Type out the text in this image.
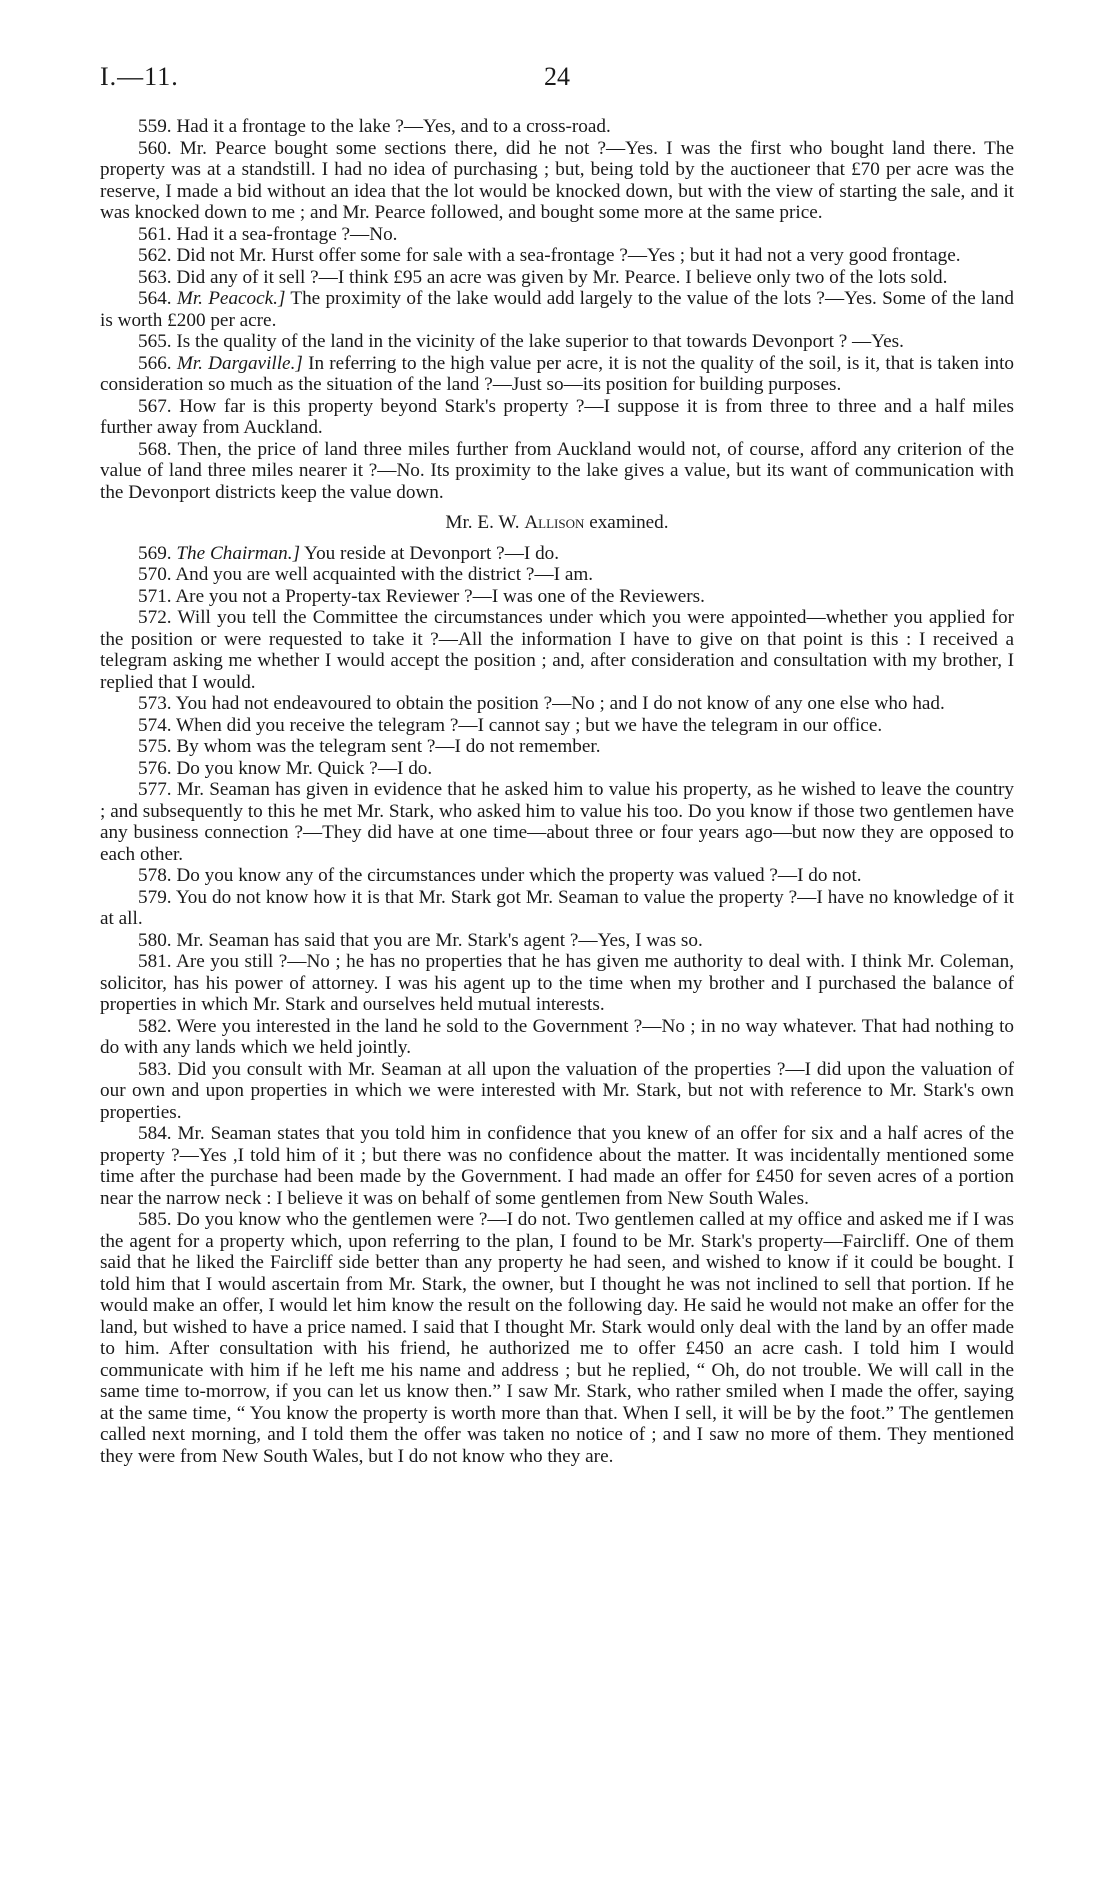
I.—11.	24

559. Had it a frontage to the lake ?—Yes, and to a cross-road.

560. Mr. Pearce bought some sections there, did he not ?—Yes. I was the first who bought land there. The property was at a standstill. I had no idea of purchasing ; but, being told by the auctioneer that £70 per acre was the reserve, I made a bid without an idea that the lot would be knocked down, but with the view of starting the sale, and it was knocked down to me ; and Mr. Pearce followed, and bought some more at the same price.

561. Had it a sea-frontage ?—No.

562. Did not Mr. Hurst offer some for sale with a sea-frontage ?—Yes ; but it had not a very good frontage.

563. Did any of it sell ?—I think £95 an acre was given by Mr. Pearce. I believe only two of the lots sold.

564. Mr. Peacock.] The proximity of the lake would add largely to the value of the lots ?—Yes. Some of the land is worth £200 per acre.

565. Is the quality of the land in the vicinity of the lake superior to that towards Devonport ? —Yes.

566. Mr. Dargaville.] In referring to the high value per acre, it is not the quality of the soil, is it, that is taken into consideration so much as the situation of the land ?—Just so—its position for building purposes.

567. How far is this property beyond Stark's property ?—I suppose it is from three to three and a half miles further away from Auckland.

568. Then, the price of land three miles further from Auckland would not, of course, afford any criterion of the value of land three miles nearer it ?—No. Its proximity to the lake gives a value, but its want of communication with the Devonport districts keep the value down.

Mr. E. W. Allison examined.

569. The Chairman.] You reside at Devonport ?—I do.

570. And you are well acquainted with the district ?—I am.

571. Are you not a Property-tax Reviewer ?—I was one of the Reviewers.

572. Will you tell the Committee the circumstances under which you were appointed—whether you applied for the position or were requested to take it ?—All the information I have to give on that point is this : I received a telegram asking me whether I would accept the position ; and, after consideration and consultation with my brother, I replied that I would.

573. You had not endeavoured to obtain the position ?—No ; and I do not know of any one else who had.

574. When did you receive the telegram ?—I cannot say ; but we have the telegram in our office.

575. By whom was the telegram sent ?—I do not remember.

576. Do you know Mr. Quick ?—I do.

577. Mr. Seaman has given in evidence that he asked him to value his property, as he wished to leave the country ; and subsequently to this he met Mr. Stark, who asked him to value his too. Do you know if those two gentlemen have any business connection ?—They did have at one time—about three or four years ago—but now they are opposed to each other.

578. Do you know any of the circumstances under which the property was valued ?—I do not.

579. You do not know how it is that Mr. Stark got Mr. Seaman to value the property ?—I have no knowledge of it at all.

580. Mr. Seaman has said that you are Mr. Stark's agent ?—Yes, I was so.

581. Are you still ?—No ; he has no properties that he has given me authority to deal with. I think Mr. Coleman, solicitor, has his power of attorney. I was his agent up to the time when my brother and I purchased the balance of properties in which Mr. Stark and ourselves held mutual interests.

582. Were you interested in the land he sold to the Government ?—No ; in no way whatever. That had nothing to do with any lands which we held jointly.

583. Did you consult with Mr. Seaman at all upon the valuation of the properties ?—I did upon the valuation of our own and upon properties in which we were interested with Mr. Stark, but not with reference to Mr. Stark's own properties.

584. Mr. Seaman states that you told him in confidence that you knew of an offer for six and a half acres of the property ?—Yes ,I told him of it ; but there was no confidence about the matter. It was incidentally mentioned some time after the purchase had been made by the Government. I had made an offer for £450 for seven acres of a portion near the narrow neck : I believe it was on behalf of some gentlemen from New South Wales.

585. Do you know who the gentlemen were ?—I do not. Two gentlemen called at my office and asked me if I was the agent for a property which, upon referring to the plan, I found to be Mr. Stark's property—Faircliff. One of them said that he liked the Faircliff side better than any property he had seen, and wished to know if it could be bought. I told him that I would ascertain from Mr. Stark, the owner, but I thought he was not inclined to sell that portion. If he would make an offer, I would let him know the result on the following day. He said he would not make an offer for the land, but wished to have a price named. I said that I thought Mr. Stark would only deal with the land by an offer made to him. After consultation with his friend, he authorized me to offer £450 an acre cash. I told him I would communicate with him if he left me his name and address ; but he replied, “ Oh, do not trouble. We will call in the same time to-morrow, if you can let us know then.” I saw Mr. Stark, who rather smiled when I made the offer, saying at the same time, “ You know the property is worth more than that. When I sell, it will be by the foot.” The gentlemen called next morning, and I told them the offer was taken no notice of ; and I saw no more of them. They mentioned they were from New South Wales, but I do not know who they are.
